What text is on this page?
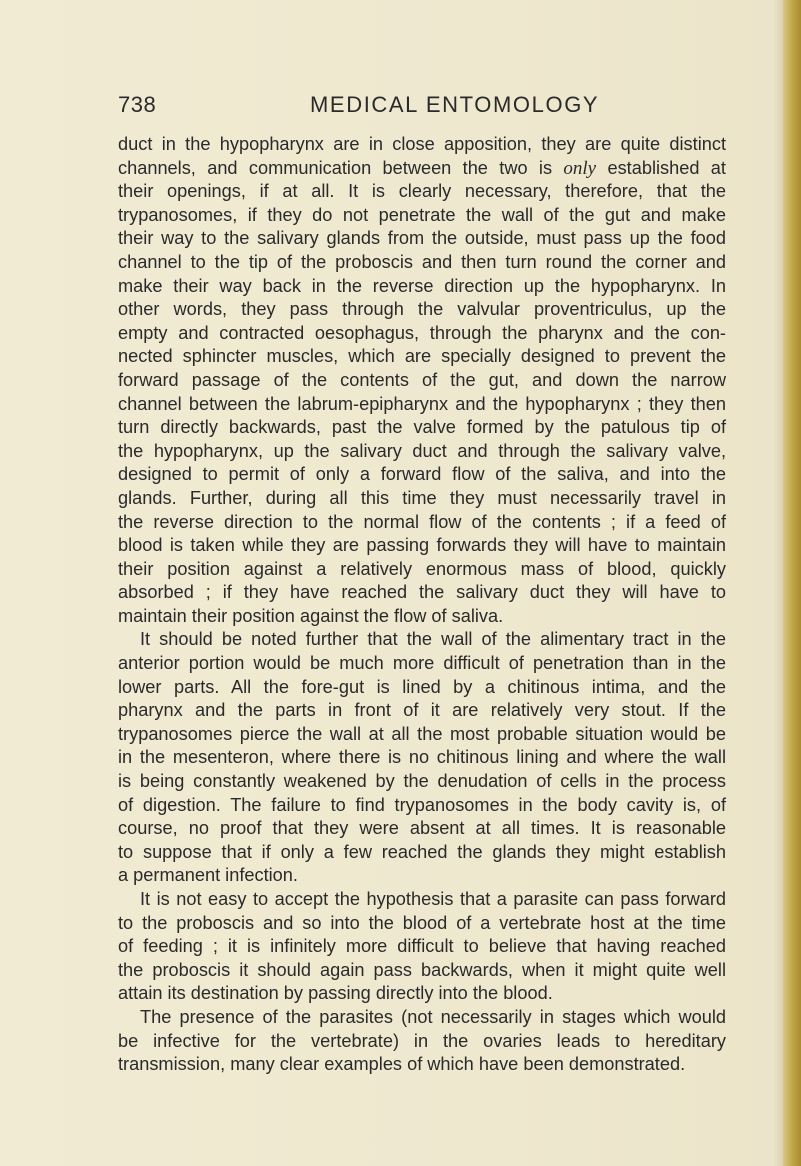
738	MEDICAL ENTOMOLOGY
duct in the hypopharynx are in close apposition, they are quite distinct
channels, and communication between the two is only established at
their openings, if at all. It is clearly necessary, therefore, that the
trypanosomes, if they do not penetrate the wall of the gut and make
their way to the salivary glands from the outside, must pass up the food
channel to the tip of the proboscis and then turn round the corner and
make their way back in the reverse direction up the hypopharynx. In
other words, they pass through the valvular proventriculus, up the
empty and contracted oesophagus, through the pharynx and the con-
nected sphincter muscles, which are specially designed to prevent the
forward passage of the contents of the gut, and down the narrow
channel between the labrum-epipharynx and the hypopharynx ; they then
turn directly backwards, past the valve formed by the patulous tip of
the hypopharynx, up the salivary duct and through the salivary valve,
designed to permit of only a forward flow of the saliva, and into the
glands. Further, during all this time they must necessarily travel in
the reverse direction to the normal flow of the contents ; if a feed of
blood is taken while they are passing forwards they will have to maintain
their position against a relatively enormous mass of blood, quickly
absorbed ; if they have reached the salivary duct they will have to
maintain their position against the flow of saliva.
It should be noted further that the wall of the alimentary tract in the
anterior portion would be much more difficult of penetration than in the
lower parts. All the fore-gut is lined by a chitinous intima, and the
pharynx and the parts in front of it are relatively very stout. If the
trypanosomes pierce the wall at all the most probable situation would be
in the mesenteron, where there is no chitinous lining and where the wall
is being constantly weakened by the denudation of cells in the process
of digestion. The failure to find trypanosomes in the body cavity is, of
course, no proof that they were absent at all times. It is reasonable
to suppose that if only a few reached the glands they might establish
a permanent infection.
It is not easy to accept the hypothesis that a parasite can pass forward
to the proboscis and so into the blood of a vertebrate host at the time
of feeding ; it is infinitely more difficult to believe that having reached
the proboscis it should again pass backwards, when it might quite well
attain its destination by passing directly into the blood.
The presence of the parasites (not necessarily in stages which would
be infective for the vertebrate) in the ovaries leads to hereditary
transmission, many clear examples of which have been demonstrated.
